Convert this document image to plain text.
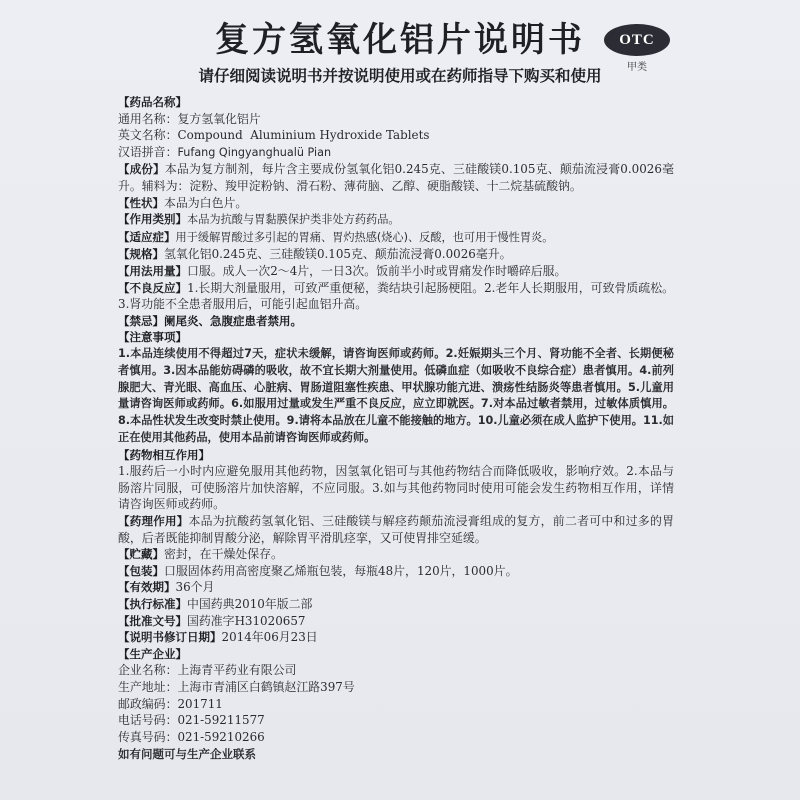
复方氢氧化铝片说明书	OTC
甲类

请仔细阅读说明书并按说明使用或在药师指导下购买和使用

【药品名称】

通用名称：复方氢氧化铝片

英文名称：Compound  Aluminium Hydroxide Tablets

汉语拼音：Fufang Qingyanghualü Pian

【成份】本品为复方制剂，每片含主要成份氢氧化铝0.245克、三硅酸镁0.105克、颠茄流浸膏0.0026毫升。辅料为：淀粉、羧甲淀粉钠、滑石粉、薄荷脑、乙醇、硬脂酸镁、十二烷基硫酸钠。

【性状】本品为白色片。

【作用类别】本品为抗酸与胃黏膜保护类非处方药药品。

【适应症】用于缓解胃酸过多引起的胃痛、胃灼热感(烧心)、反酸，也可用于慢性胃炎。

【规格】氢氧化铝0.245克、三硅酸镁0.105克、颠茄流浸膏0.0026毫升。

【用法用量】口服。成人一次2～4片，一日3次。饭前半小时或胃痛发作时嚼碎后服。

【不良反应】1.长期大剂量服用，可致严重便秘，粪结块引起肠梗阻。2.老年人长期服用，可致骨质疏松。3.肾功能不全患者服用后，可能引起血铝升高。

【禁忌】阑尾炎、急腹症患者禁用。

【注意事项】

1.本品连续使用不得超过7天，症状未缓解，请咨询医师或药师。2.妊娠期头三个月、肾功能不全者、长期便秘者慎用。3.因本品能妨碍磷的吸收，故不宜长期大剂量使用。低磷血症（如吸收不良综合症）患者慎用。4.前列腺肥大、青光眼、高血压、心脏病、胃肠道阻塞性疾患、甲状腺功能亢进、溃疡性结肠炎等患者慎用。5.儿童用量请咨询医师或药师。6.如服用过量或发生严重不良反应，应立即就医。7.对本品过敏者禁用，过敏体质慎用。8.本品性状发生改变时禁止使用。9.请将本品放在儿童不能接触的地方。10.儿童必须在成人监护下使用。11.如正在使用其他药品，使用本品前请咨询医师或药师。

【药物相互作用】

1.服药后一小时内应避免服用其他药物，因氢氧化铝可与其他药物结合而降低吸收，影响疗效。2.本品与肠溶片同服，可使肠溶片加快溶解，不应同服。3.如与其他药物同时使用可能会发生药物相互作用，详情请咨询医师或药师。

【药理作用】本品为抗酸药氢氧化铝、三硅酸镁与解痉药颠茄流浸膏组成的复方，前二者可中和过多的胃酸，后者既能抑制胃酸分泌，解除胃平滑肌痉挛，又可使胃排空延缓。

【贮藏】密封，在干燥处保存。

【包装】口服固体药用高密度聚乙烯瓶包装，每瓶48片，120片，1000片。

【有效期】36个月

【执行标准】中国药典2010年版二部

【批准文号】国药准字H31020657

【说明书修订日期】2014年06月23日

【生产企业】

企业名称：上海青平药业有限公司

生产地址：上海市青浦区白鹤镇赵江路397号

邮政编码：201711

电话号码：021-59211577

传真号码：021-59210266

如有问题可与生产企业联系
